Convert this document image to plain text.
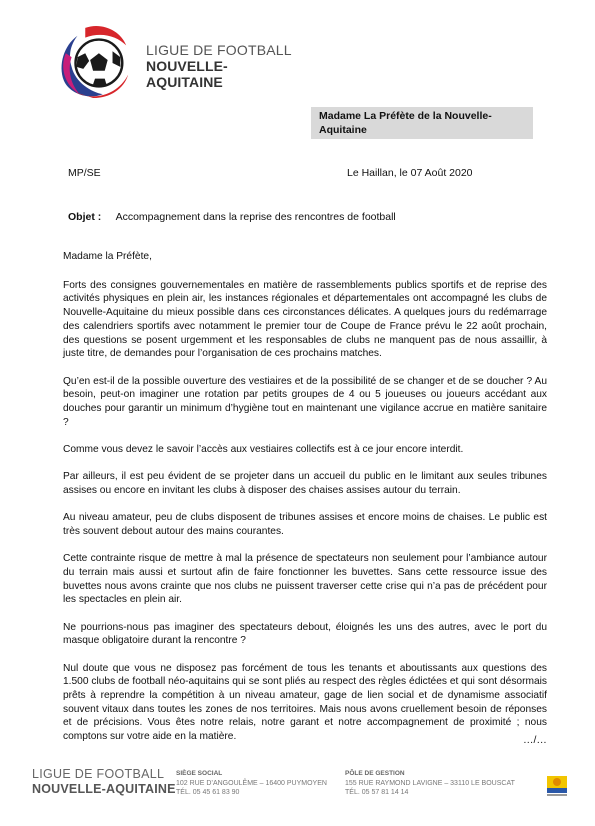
LIGUE DE FOOTBALL
NOUVELLE-AQUITAINE
Madame La Préfète de la Nouvelle-
Aquitaine
MP/SE	Le Haillan, le 07 Août 2020
Objet : Accompagnement dans la reprise des rencontres de football

Madame la Préfète,

Forts des consignes gouvernementales en matière de rassemblements publics sportifs et de reprise des activités physiques en plein air, les instances régionales et départementales ont accompagné les clubs de Nouvelle-Aquitaine du mieux possible dans ces circonstances délicates. A quelques jours du redémarrage des calendriers sportifs avec notamment le premier tour de Coupe de France prévu le 22 août prochain, des questions se posent urgemment et les responsables de clubs ne manquent pas de nous assaillir, à juste titre, de demandes pour l’organisation de ces prochains matches.

Qu’en est-il de la possible ouverture des vestiaires et de la possibilité de se changer et de se doucher ? Au besoin, peut-on imaginer une rotation par petits groupes de 4 ou 5 joueuses ou joueurs accédant aux douches pour garantir un minimum d’hygiène tout en maintenant une vigilance accrue en matière sanitaire ?

Comme vous devez le savoir l’accès aux vestiaires collectifs est à ce jour encore interdit.

Par ailleurs, il est peu évident de se projeter dans un accueil du public en le limitant aux seules tribunes assises ou encore en invitant les clubs à disposer des chaises assises autour du terrain.

Au niveau amateur, peu de clubs disposent de tribunes assises et encore moins de chaises. Le public est très souvent debout autour des mains courantes.

Cette contrainte risque de mettre à mal la présence de spectateurs non seulement pour l’ambiance autour du terrain mais aussi et surtout afin de faire fonctionner les buvettes. Sans cette ressource issue des buvettes nous avons crainte que nos clubs ne puissent traverser cette crise qui n’a pas de précédent pour les spectacles en plein air.

Ne pourrions-nous pas imaginer des spectateurs debout, éloignés les uns des autres, avec le port du masque obligatoire durant la rencontre ?

Nul doute que vous ne disposez pas forcément de tous les tenants et aboutissants aux questions des 1.500 clubs de football néo-aquitains qui se sont pliés au respect des règles édictées et qui sont désormais prêts à reprendre la compétition à un niveau amateur, gage de lien social et de dynamisme associatif souvent vitaux dans toutes les zones de nos territoires. Mais nous avons cruellement besoin de réponses et de précisions. Vous êtes notre relais, notre garant et notre accompagnement de proximité ; nous comptons sur votre aide en la matière.	…/…
LIGUE DE FOOTBALL
NOUVELLE-AQUITAINE
SIÈGE SOCIAL
102 RUE D’ANGOULÊME – 16400 PUYMOYEN
TÉL. 05 45 61 83 90
PÔLE DE GESTION
155 RUE RAYMOND LAVIGNE – 33110 LE BOUSCAT
TÉL. 05 57 81 14 14
